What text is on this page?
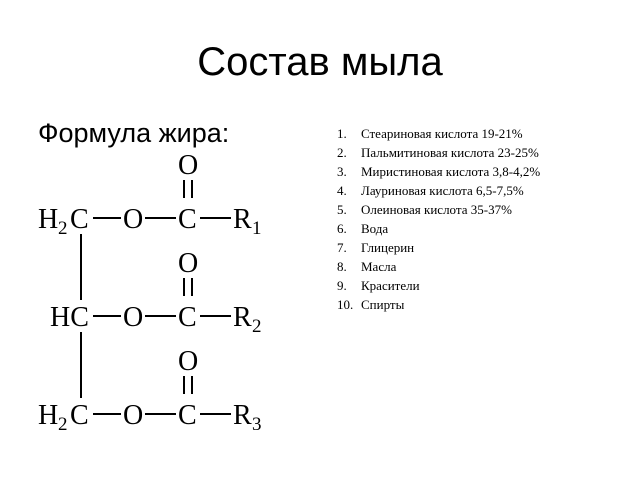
Состав мыла
Формула жира:
O
H 2 C O C R 1
O
HC O C R 2
O
H 2 C O C R 3
1.	Стеариновая кислота 19-21%
2.	Пальмитиновая кислота 23-25%
3.	Миристиновая кислота 3,8-4,2%
4.	Лауриновая кислота 6,5-7,5%
5.	Олеиновая кислота 35-37%
6.	Вода
7.	Глицерин
8.	Масла
9.	Красители
10. Спирты
